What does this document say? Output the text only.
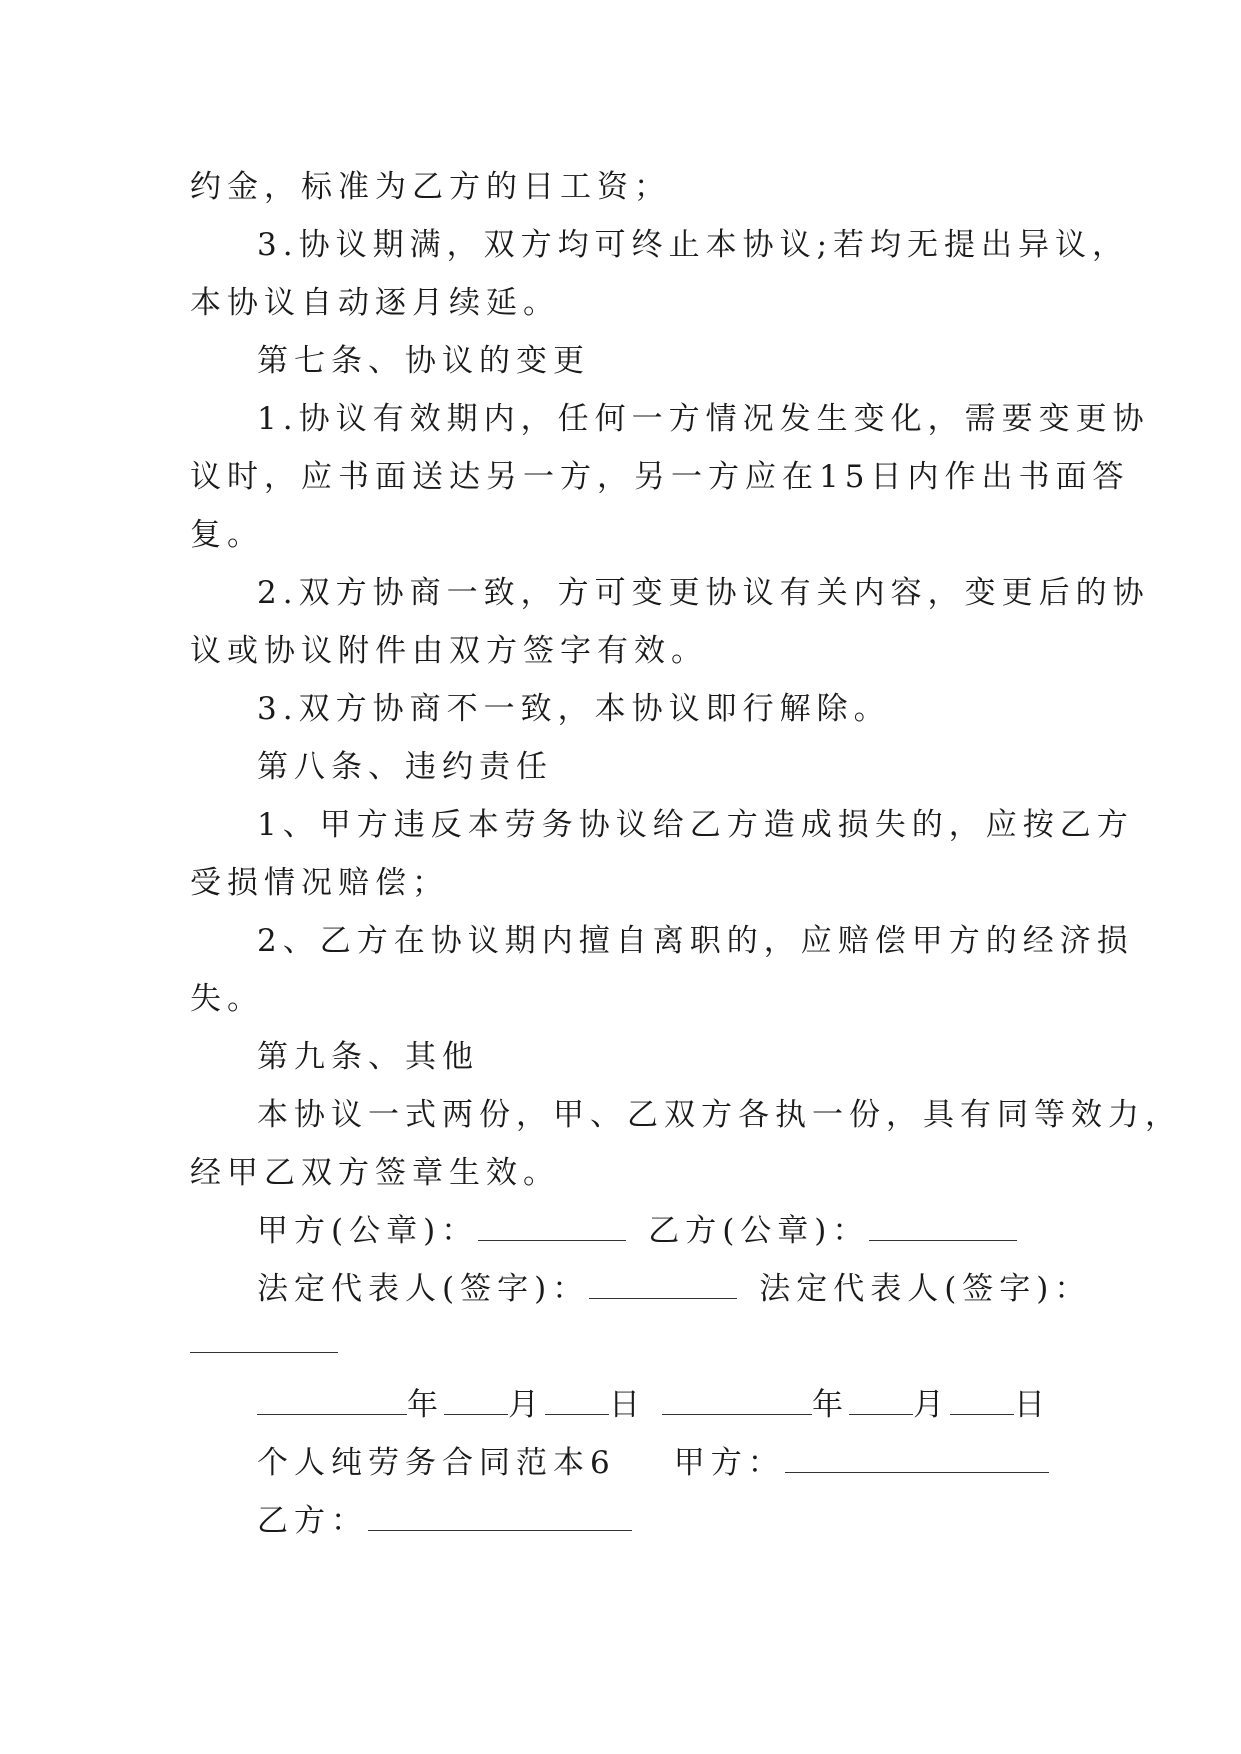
约金，标准为乙方的日工资；
3.协议期满，双方均可终止本协议;若均无提出异议，
本协议自动逐月续延。
第七条、协议的变更
1.协议有效期内，任何一方情况发生变化，需要变更协
议时，应书面送达另一方，另一方应在15日内作出书面答
复。
2.双方协商一致，方可变更协议有关内容，变更后的协
议或协议附件由双方签字有效。
3.双方协商不一致，本协议即行解除。
第八条、违约责任
1、甲方违反本劳务协议给乙方造成损失的，应按乙方
受损情况赔偿；
2、乙方在协议期内擅自离职的，应赔偿甲方的经济损
失。
第九条、其他
本协议一式两份，甲、乙双方各执一份，具有同等效力，
经甲乙双方签章生效。
甲方(公章)：	乙方(公章)：
法定代表人(签字)：	法定代表人(签字)：
年 月 日	年 月 日
个人纯劳务合同范本6 甲方：
乙方：
